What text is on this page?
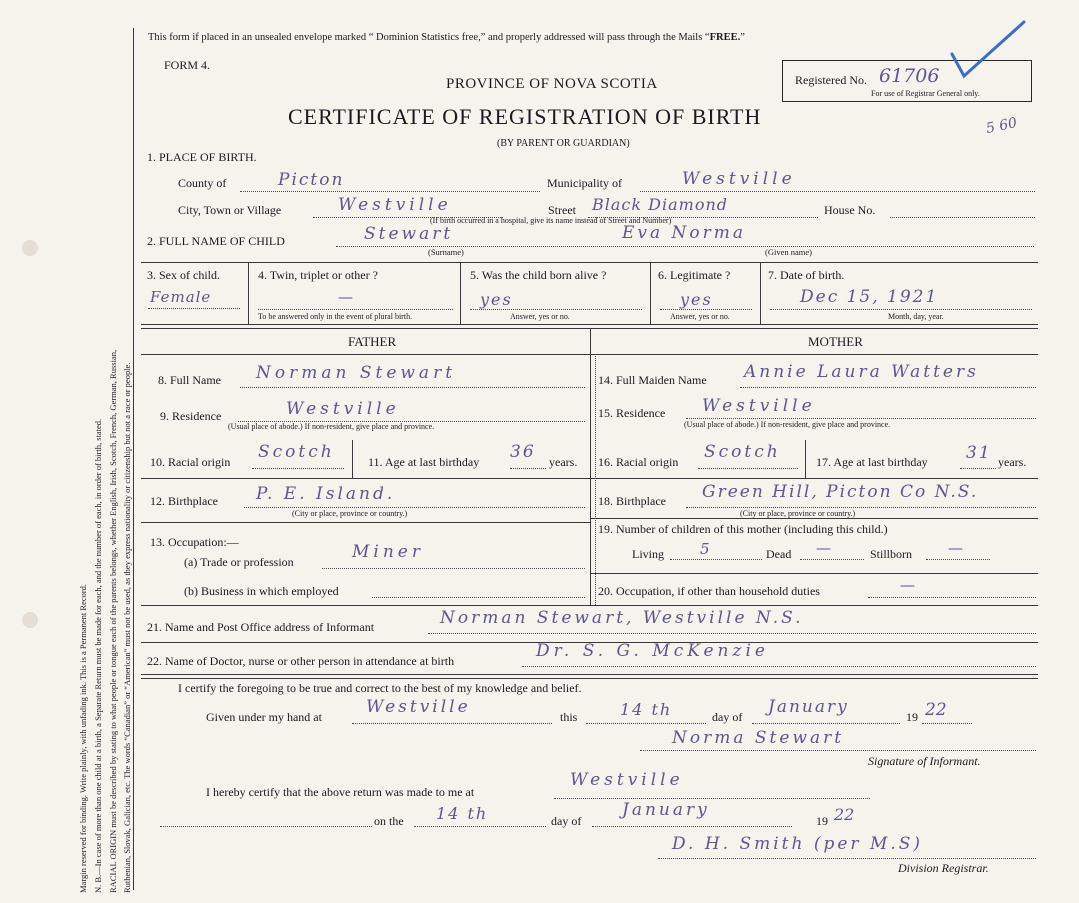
Margin reserved for binding. Write plainly, with unfading ink. This is a Permanent Record. N. B.—In case of more than one child at a birth, a Separate Return must be made for each, and the number of each, in order of birth, stated. RACIAL ORIGIN must be described by stating to what people or tongue each of the parents belongs, whether English, Irish, Scotch, French, German, Russian, Ruthenian, Slovak, Galician, etc. The words “Canadian” or “American” must not be used, as they express nationality or citizenship but not a race or people.
This form if placed in an unsealed envelope marked “ Dominion Statistics free,” and properly addressed will pass through the Mails “FREE.”
FORM 4.
PROVINCE OF NOVA SCOTIA
CERTIFICATE OF REGISTRATION OF BIRTH
(BY PARENT OR GUARDIAN)
Registered No. 61706
For use of Registrar General only.
5 60
1. PLACE OF BIRTH.
County of	Picton	Municipality of	Westville
City, Town or Village	Westville	Street Black Diamond	House No.
(If birth occurred in a hospital, give its name instead of Street and Number)
2. FULL NAME OF CHILD	Stewart	Eva Norma
(Surname)	(Given name)
3. Sex of child.
Female
4. Twin, triplet or other ?
—
To be answered only in the event of plural birth.
5. Was the child born alive ?
yes
Answer, yes or no.
6. Legitimate ?
yes
Answer, yes or no.
7. Date of birth.
Dec 15, 1921
Month, day, year.
FATHER	MOTHER
8. Full Name Norman Stewart
9. Residence	Westville
(Usual place of abode.) If non-resident, give place and province.
10. Racial origin Scotch	11. Age at last birthday 36 years.
12. Birthplace P. E. Island.
(City or place, province or country.)
13. Occupation:—
(a) Trade or profession	Miner
(b) Business in which employed
14. Full Maiden Name Annie Laura Watters
15. Residence Westville
(Usual place of abode.) If non-resident, give place and province.
16. Racial origin Scotch	17. Age at last birthday 31 years.
18. Birthplace Green Hill, Picton Co N.S.
(City or place, province or country.)
19. Number of children of this mother (including this child.)
Living 5	Dead —	Stillborn —
20. Occupation, if other than household duties	—
21. Name and Post Office address of Informant	Norman Stewart, Westville N.S.
22. Name of Doctor, nurse or other person in attendance at birth	Dr. S. G. McKenzie
I certify the foregoing to be true and correct to the best of my knowledge and belief.
Given under my hand at	Westville	this	14 th	day of January	19 22
Norma Stewart
Signature of Informant.
I hereby certify that the above return was made to me at
Westville
on the 14 th	day of
January
19 22
D. H. Smith (per M.S)
Division Registrar.
